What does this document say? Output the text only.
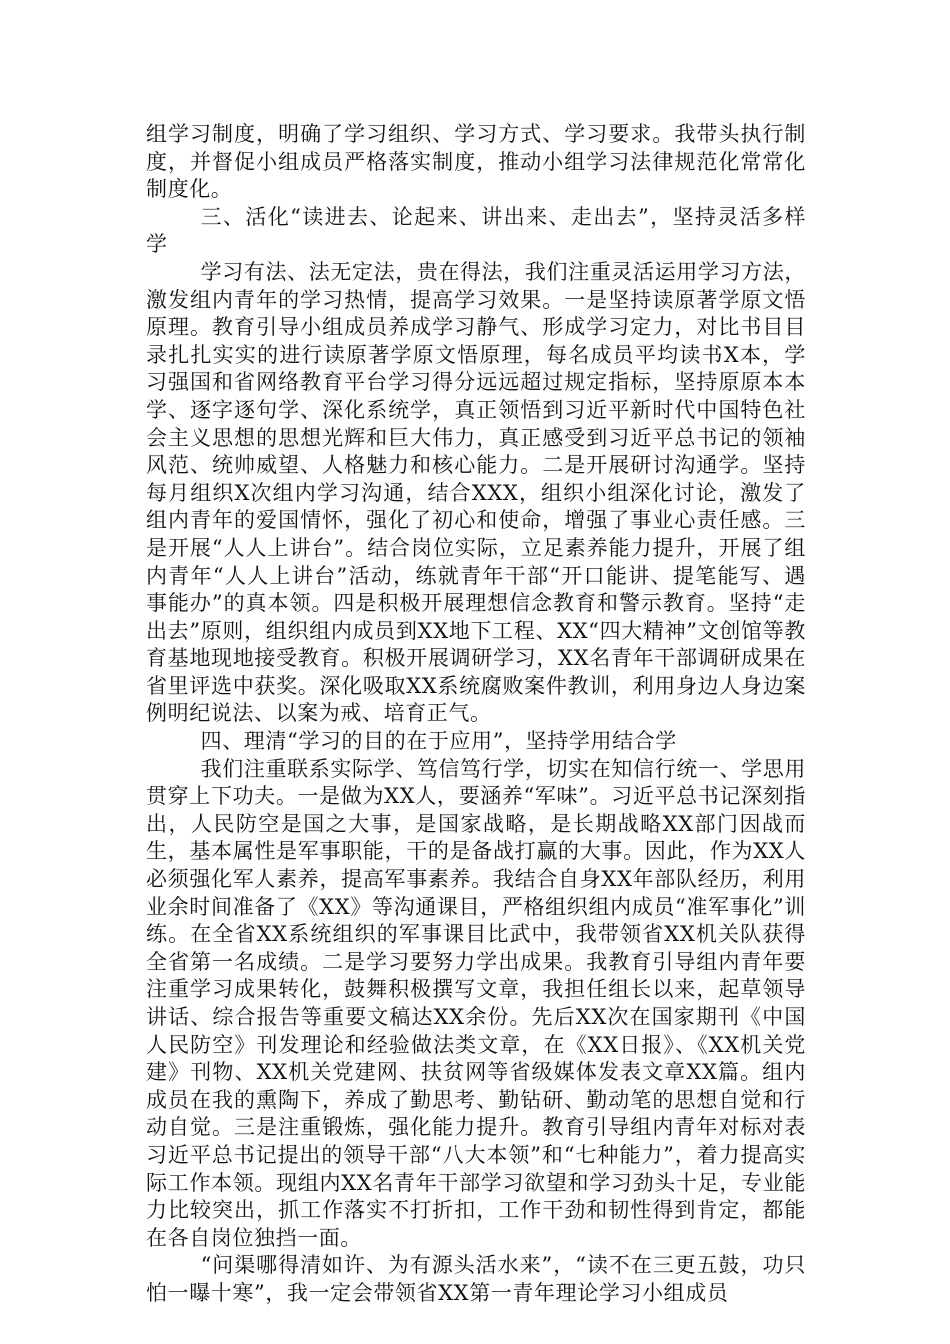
组学习制度，明确了学习组织、学习方式、学习要求。我带头执行制度，并督促小组成员严格落实制度，推动小组学习法律规范化常常化制度化。

三、活化“读进去、论起来、讲出来、走出去”，坚持灵活多样学

学习有法、法无定法，贵在得法，我们注重灵活运用学习方法，激发组内青年的学习热情，提高学习效果。一是坚持读原著学原文悟原理。教育引导小组成员养成学习静气、形成学习定力，对比书目目录扎扎实实的进行读原著学原文悟原理，每名成员平均读书X本，学习强国和省网络教育平台学习得分远远超过规定指标，坚持原原本本学、逐字逐句学、深化系统学，真正领悟到习近平新时代中国特色社会主义思想的思想光辉和巨大伟力，真正感受到习近平总书记的领袖风范、统帅威望、人格魅力和核心能力。二是开展研讨沟通学。坚持每月组织X次组内学习沟通，结合XXX，组织小组深化讨论，激发了组内青年的爱国情怀，强化了初心和使命，增强了事业心责任感。三是开展“人人上讲台”。结合岗位实际，立足素养能力提升，开展了组内青年“人人上讲台”活动，练就青年干部“开口能讲、提笔能写、遇事能办”的真本领。四是积极开展理想信念教育和警示教育。坚持“走出去”原则，组织组内成员到XX地下工程、XX“四大精神”文创馆等教育基地现地接受教育。积极开展调研学习，XX名青年干部调研成果在省里评选中获奖。深化吸取XX系统腐败案件教训，利用身边人身边案例明纪说法、以案为戒、培育正气。

四、理清“学习的目的在于应用”，坚持学用结合学

我们注重联系实际学、笃信笃行学，切实在知信行统一、学思用贯穿上下功夫。一是做为XX人，要涵养“军味”。习近平总书记深刻指出，人民防空是国之大事，是国家战略，是长期战略XX部门因战而生，基本属性是军事职能，干的是备战打赢的大事。因此，作为XX人必须强化军人素养，提高军事素养。我结合自身XX年部队经历，利用业余时间准备了《XX》等沟通课目，严格组织组内成员“准军事化”训练。在全省XX系统组织的军事课目比武中，我带领省XX机关队获得全省第一名成绩。二是学习要努力学出成果。我教育引导组内青年要注重学习成果转化，鼓舞积极撰写文章，我担任组长以来，起草领导讲话、综合报告等重要文稿达XX余份。先后XX次在国家期刊《中国人民防空》刊发理论和经验做法类文章，在《XX日报》、《XX机关党建》刊物、XX机关党建网、扶贫网等省级媒体发表文章XX篇。组内成员在我的熏陶下，养成了勤思考、勤钻研、勤动笔的思想自觉和行动自觉。三是注重锻炼，强化能力提升。教育引导组内青年对标对表习近平总书记提出的领导干部“八大本领”和“七种能力”，着力提高实际工作本领。现组内XX名青年干部学习欲望和学习劲头十足，专业能力比较突出，抓工作落实不打折扣，工作干劲和韧性得到肯定，都能在各自岗位独挡一面。

“问渠哪得清如许、为有源头活水来”，“读不在三更五鼓，功只怕一曝十寒”，我一定会带领省XX第一青年理论学习小组成员
